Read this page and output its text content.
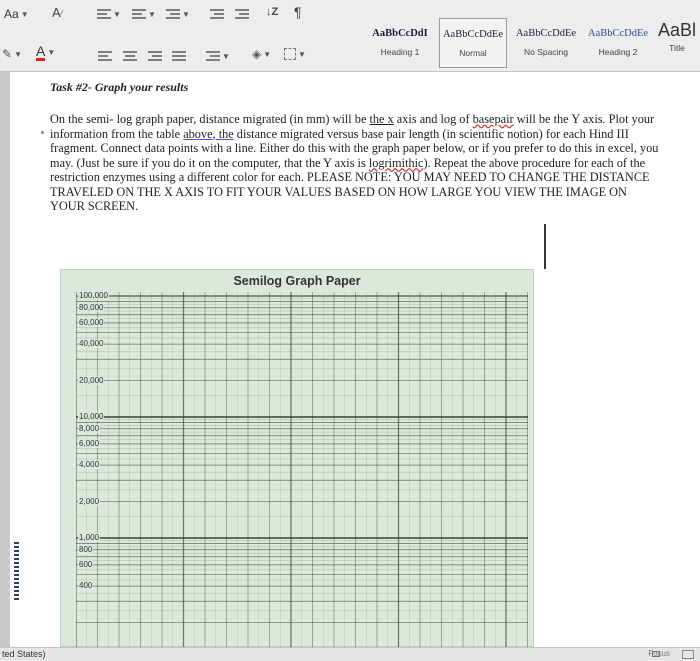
Aa ▼ A∕	▼	▼	▼	↓Z ¶
✎ ▼ A ▼	▼ ◈ ▼	▼
AaBbCcDdI
Heading 1
AaBbCcDdEe
Normal
AaBbCcDdEe
No Spacing
AaBbCcDdEe
Heading 2
AaBl
Title
Task #2- Graph your results
On the semi- log graph paper, distance migrated (in mm) will be the x axis and log of basepair will be the Y axis. Plot your information from the table above, the distance migrated versus base pair length (in scientific notion) for each Hind III fragment. Connect data points with a line. Either do this with the graph paper below, or if you prefer to do this in excel, you may. (Just be sure if you do it on the computer, that the Y axis is logrimithic). Repeat the above procedure for each of the restriction enzymes using a different color for each. PLEASE NOTE: YOU MAY NEED TO CHANGE THE DISTANCE TRAVELED ON THE X AXIS TO FIT YOUR VALUES BASED ON HOW LARGE YOU VIEW THE IMAGE ON YOUR SCREEN.
Semilog Graph Paper
100,000
80,000
60,000
40,000
20,000
10,000
8,000
6,000
4,000
2,000
1,000
800
600
400
ted States)	Focus
